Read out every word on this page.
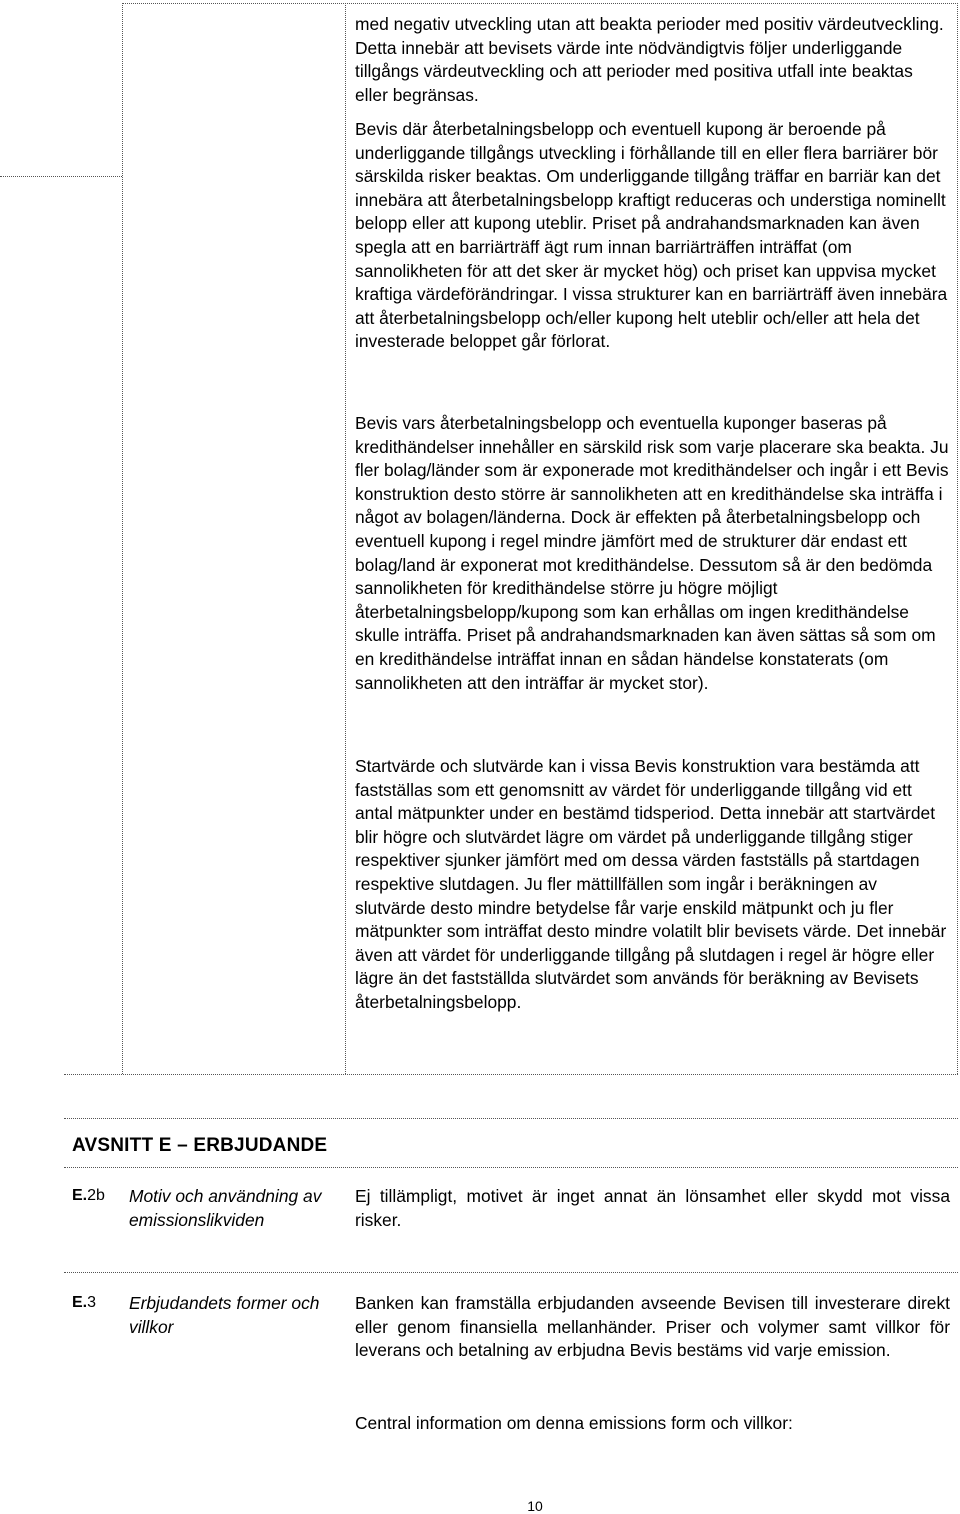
med negativ utveckling utan att beakta perioder med positiv värdeutveckling. Detta innebär att bevisets värde inte nödvändigtvis följer underliggande tillgångs värdeutveckling och att perioder med positiva utfall inte beaktas eller begränsas.

Bevis där återbetalningsbelopp och eventuell kupong är beroende på underliggande tillgångs utveckling i förhållande till en eller flera barriärer bör särskilda risker beaktas. Om underliggande tillgång träffar en barriär kan det innebära att återbetalningsbelopp kraftigt reduceras och understiga nominellt belopp eller att kupong uteblir. Priset på andrahandsmarknaden kan även spegla att en barriärträff ägt rum innan barriärträffen inträffat (om sannolikheten för att det sker är mycket hög) och priset kan uppvisa mycket kraftiga värdeförändringar. I vissa strukturer kan en barriärträff även innebära att återbetalningsbelopp och/eller kupong helt uteblir och/eller att hela det investerade beloppet går förlorat.

Bevis vars återbetalningsbelopp och eventuella kuponger baseras på kredithändelser innehåller en särskild risk som varje placerare ska beakta. Ju fler bolag/länder som är exponerade mot kredithändelser och ingår i ett Bevis konstruktion desto större är sannolikheten att en kredithändelse ska inträffa i något av bolagen/länderna. Dock är effekten på återbetalningsbelopp och eventuell kupong i regel mindre jämfört med de strukturer där endast ett bolag/land är exponerat mot kredithändelse. Dessutom så är den bedömda sannolikheten för kredithändelse större ju högre möjligt återbetalningsbelopp/kupong som kan erhållas om ingen kredithändelse skulle inträffa. Priset på andrahandsmarknaden kan även sättas så som om en kredithändelse inträffat innan en sådan händelse konstaterats (om sannolikheten att den inträffar är mycket stor).

Startvärde och slutvärde kan i vissa Bevis konstruktion vara bestämda att fastställas som ett genomsnitt av värdet för underliggande tillgång vid ett antal mätpunkter under en bestämd tidsperiod. Detta innebär att startvärdet blir högre och slutvärdet lägre om värdet på underliggande tillgång stiger respektiver sjunker jämfört med om dessa värden fastställs på startdagen respektive slutdagen. Ju fler mättillfällen som ingår i beräkningen av slutvärde desto mindre betydelse får varje enskild mätpunkt och ju fler mätpunkter som inträffat desto mindre volatilt blir bevisets värde. Det innebär även att värdet för underliggande tillgång på slutdagen i regel är högre eller lägre än det fastställda slutvärdet som används för beräkning av Bevisets återbetalningsbelopp.

AVSNITT E – ERBJUDANDE
E.2b Motiv och användning av emissionslikviden

Ej tillämpligt, motivet är inget annat än lönsamhet eller skydd mot vissa risker.

E.3 Erbjudandets former och villkor

Banken kan framställa erbjudanden avseende Bevisen till investerare direkt eller genom finansiella mellanhänder. Priser och volymer samt villkor för leverans och betalning av erbjudna Bevis bestäms vid varje emission.

Central information om denna emissions form och villkor:

10
